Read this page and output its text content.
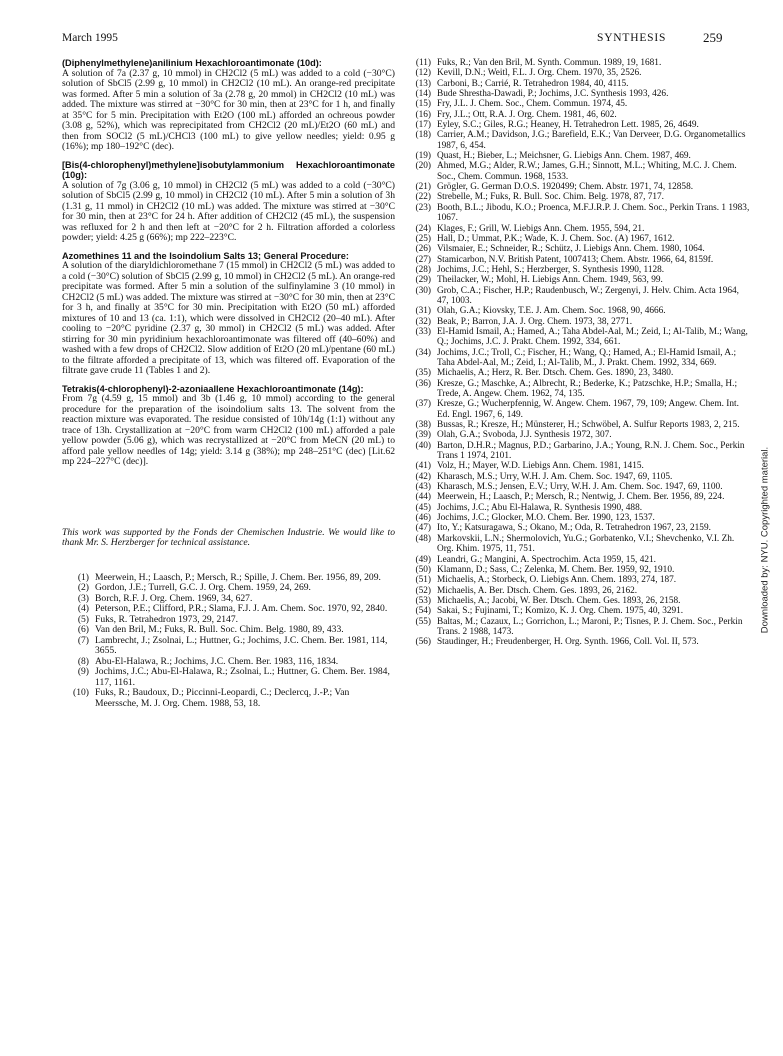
March 1995	SYNTHESIS	259
(Diphenylmethylene)anilinium Hexachloroantimonate (10d):

A solution of 7a (2.37 g, 10 mmol) in CH2Cl2 (5 mL) was added to a cold (−30°C) solution of SbCl5 (2.99 g, 10 mmol) in CH2Cl2 (10 mL). An orange-red precipitate was formed. After 5 min a solution of 3a (2.78 g, 20 mmol) in CH2Cl2 (10 mL) was added. The mixture was stirred at −30°C for 30 min, then at 23°C for 1 h, and finally at 35°C for 5 min. Precipitation with Et2O (100 mL) afforded an ochreous powder (3.08 g, 52%), which was reprecipitated from CH2Cl2 (20 mL)/Et2O (60 mL) and then from SOCl2 (5 mL)/CHCl3 (100 mL) to give yellow needles; yield: 0.95 g (16%); mp 180–192°C (dec).

[Bis(4-chlorophenyl)methylene]isobutylammonium Hexachloroantimonate (10g):

A solution of 7g (3.06 g, 10 mmol) in CH2Cl2 (5 mL) was added to a cold (−30°C) solution of SbCl5 (2.99 g, 10 mmol) in CH2Cl2 (10 mL). After 5 min a solution of 3h (1.31 g, 11 mmol) in CH2Cl2 (10 mL) was added. The mixture was stirred at −30°C for 30 min, then at 23°C for 24 h. After addition of CH2Cl2 (45 mL), the suspension was refluxed for 2 h and then left at −20°C for 2 h. Filtration afforded a colorless powder; yield: 4.25 g (66%); mp 222–223°C.

Azomethines 11 and the Isoindolium Salts 13; General Procedure:

A solution of the diaryldichloromethane 7 (15 mmol) in CH2Cl2 (5 mL) was added to a cold (−30°C) solution of SbCl5 (2.99 g, 10 mmol) in CH2Cl2 (5 mL). An orange-red precipitate was formed. After 5 min a solution of the sulfinylamine 3 (10 mmol) in CH2Cl2 (5 mL) was added. The mixture was stirred at −30°C for 30 min, then at 23°C for 3 h, and finally at 35°C for 30 min. Precipitation with Et2O (50 mL) afforded mixtures of 10 and 13 (ca. 1:1), which were dissolved in CH2Cl2 (20–40 mL). After cooling to −20°C pyridine (2.37 g, 30 mmol) in CH2Cl2 (5 mL) was added. After stirring for 30 min pyridinium hexachloroantimonate was filtered off (40–60%) and washed with a few drops of CH2Cl2. Slow addition of Et2O (20 mL)/pentane (60 mL) to the filtrate afforded a precipitate of 13, which was filtered off. Evaporation of the filtrate gave crude 11 (Tables 1 and 2).

Tetrakis(4-chlorophenyl)-2-azoniaallene Hexachloroantimonate (14g):

From 7g (4.59 g, 15 mmol) and 3b (1.46 g, 10 mmol) according to the general procedure for the preparation of the isoindolium salts 13. The solvent from the reaction mixture was evaporated. The residue consisted of 10h/14g (1:1) without any trace of 13h. Crystallization at −20°C from warm CH2Cl2 (100 mL) afforded a pale yellow powder (5.06 g), which was recrystallized at −20°C from MeCN (20 mL) to afford pale yellow needles of 14g; yield: 3.14 g (38%); mp 248–251°C (dec) [Lit.62 mp 224–227°C (dec)].

This work was supported by the Fonds der Chemischen Industrie. We would like to thank Mr. S. Herzberger for technical assistance.

(1) Meerwein, H.; Laasch, P.; Mersch, R.; Spille, J. Chem. Ber. 1956, 89, 209.
(2) Gordon, J.E.; Turrell, G.C. J. Org. Chem. 1959, 24, 269.
(3) Borch, R.F. J. Org. Chem. 1969, 34, 627.
(4) Peterson, P.E.; Clifford, P.R.; Slama, F.J. J. Am. Chem. Soc. 1970, 92, 2840.
(5) Fuks, R. Tetrahedron 1973, 29, 2147.
(6) Van den Bril, M.; Fuks, R. Bull. Soc. Chim. Belg. 1980, 89, 433.
(7) Lambrecht, J.; Zsolnai, L.; Huttner, G.; Jochims, J.C. Chem. Ber. 1981, 114, 3655.
(8) Abu-El-Halawa, R.; Jochims, J.C. Chem. Ber. 1983, 116, 1834.
(9) Jochims, J.C.; Abu-El-Halawa, R.; Zsolnai, L.; Huttner, G. Chem. Ber. 1984, 117, 1161.
(10) Fuks, R.; Baudoux, D.; Piccinni-Leopardi, C.; Declercq, J.-P.; Van Meerssche, M. J. Org. Chem. 1988, 53, 18.
(11) Fuks, R.; Van den Bril, M. Synth. Commun. 1989, 19, 1681.
(12) Kevill, D.N.; Weitl, F.L. J. Org. Chem. 1970, 35, 2526.
(13) Carboni, B.; Carrié, R. Tetrahedron 1984, 40, 4115.
(14) Bude Shrestha-Dawadi, P.; Jochims, J.C. Synthesis 1993, 426.
(15) Fry, J.L. J. Chem. Soc., Chem. Commun. 1974, 45.
(16) Fry, J.L.; Ott, R.A. J. Org. Chem. 1981, 46, 602.
(17) Eyley, S.C.; Giles, R.G.; Heaney, H. Tetrahedron Lett. 1985, 26, 4649.
(18) Carrier, A.M.; Davidson, J.G.; Barefield, E.K.; Van Derveer, D.G. Organometallics 1987, 6, 454.
(19) Quast, H.; Bieber, L.; Meichsner, G. Liebigs Ann. Chem. 1987, 469.
(20) Ahmed, M.G.; Alder, R.W.; James, G.H.; Sinnott, M.L.; Whiting, M.C. J. Chem. Soc., Chem. Commun. 1968, 1533.
(21) Grögler, G. German D.O.S. 1920499; Chem. Abstr. 1971, 74, 12858.
(22) Strebelle, M.; Fuks, R. Bull. Soc. Chim. Belg. 1978, 87, 717.
(23) Booth, B.L.; Jibodu, K.O.; Proenca, M.F.J.R.P. J. Chem. Soc., Perkin Trans. 1 1983, 1067.
(24) Klages, F.; Grill, W. Liebigs Ann. Chem. 1955, 594, 21.
(25) Hall, D.; Ummat, P.K.; Wade, K. J. Chem. Soc. (A) 1967, 1612.
(26) Vilsmaier, E.; Schneider, R.; Schütz, J. Liebigs Ann. Chem. 1980, 1064.
(27) Stamicarbon, N.V. British Patent, 1007413; Chem. Abstr. 1966, 64, 8159f.
(28) Jochims, J.C.; Hehl, S.; Herzberger, S. Synthesis 1990, 1128.
(29) Theilacker, W.; Mohl, H. Liebigs Ann. Chem. 1949, 563, 99.
(30) Grob, C.A.; Fischer, H.P.; Raudenbusch, W.; Zergenyi, J. Helv. Chim. Acta 1964, 47, 1003.
(31) Olah, G.A.; Kiovsky, T.E. J. Am. Chem. Soc. 1968, 90, 4666.
(32) Beak, P.; Barron, J.A. J. Org. Chem. 1973, 38, 2771.
(33) El-Hamid Ismail, A.; Hamed, A.; Taha Abdel-Aal, M.; Zeid, I.; Al-Talib, M.; Wang, Q.; Jochims, J.C. J. Prakt. Chem. 1992, 334, 661.
(34) Jochims, J.C.; Troll, C.; Fischer, H.; Wang, Q.; Hamed, A.; El-Hamid Ismail, A.; Taha Abdel-Aal, M.; Zeid, I.; Al-Talib, M., J. Prakt. Chem. 1992, 334, 669.
(35) Michaelis, A.; Herz, R. Ber. Dtsch. Chem. Ges. 1890, 23, 3480.
(36) Kresze, G.; Maschke, A.; Albrecht, R.; Bederke, K.; Patzschke, H.P.; Smalla, H.; Trede, A. Angew. Chem. 1962, 74, 135.
(37) Kresze, G.; Wucherpfennig, W. Angew. Chem. 1967, 79, 109; Angew. Chem. Int. Ed. Engl. 1967, 6, 149.
(38) Bussas, R.; Kresze, H.; Münsterer, H.; Schwöbel, A. Sulfur Reports 1983, 2, 215.
(39) Olah, G.A.; Svoboda, J.J. Synthesis 1972, 307.
(40) Barton, D.H.R.; Magnus, P.D.; Garbarino, J.A.; Young, R.N. J. Chem. Soc., Perkin Trans 1 1974, 2101.
(41) Volz, H.; Mayer, W.D. Liebigs Ann. Chem. 1981, 1415.
(42) Kharasch, M.S.; Urry, W.H. J. Am. Chem. Soc. 1947, 69, 1105.
(43) Kharasch, M.S.; Jensen, E.V.; Urry, W.H. J. Am. Chem. Soc. 1947, 69, 1100.
(44) Meerwein, H.; Laasch, P.; Mersch, R.; Nentwig, J. Chem. Ber. 1956, 89, 224.
(45) Jochims, J.C.; Abu El-Halawa, R. Synthesis 1990, 488.
(46) Jochims, J.C.; Glocker, M.O. Chem. Ber. 1990, 123, 1537.
(47) Ito, Y.; Katsuragawa, S.; Okano, M.; Oda, R. Tetrahedron 1967, 23, 2159.
(48) Markovskii, L.N.; Shermolovich, Yu.G.; Gorbatenko, V.I.; Shevchenko, V.I. Zh. Org. Khim. 1975, 11, 751.
(49) Leandri, G.; Mangini, A. Spectrochim. Acta 1959, 15, 421.
(50) Klamann, D.; Sass, C.; Zelenka, M. Chem. Ber. 1959, 92, 1910.
(51) Michaelis, A.; Storbeck, O. Liebigs Ann. Chem. 1893, 274, 187.
(52) Michaelis, A. Ber. Dtsch. Chem. Ges. 1893, 26, 2162.
(53) Michaelis, A.; Jacobi, W. Ber. Dtsch. Chem. Ges. 1893, 26, 2158.
(54) Sakai, S.; Fujinami, T.; Komizo, K. J. Org. Chem. 1975, 40, 3291.
(55) Baltas, M.; Cazaux, L.; Gorrichon, L.; Maroni, P.; Tisnes, P. J. Chem. Soc., Perkin Trans. 2 1988, 1473.
(56) Staudinger, H.; Freudenberger, H. Org. Synth. 1966, Coll. Vol. II, 573.
Downloaded by: NYU. Copyrighted material.
